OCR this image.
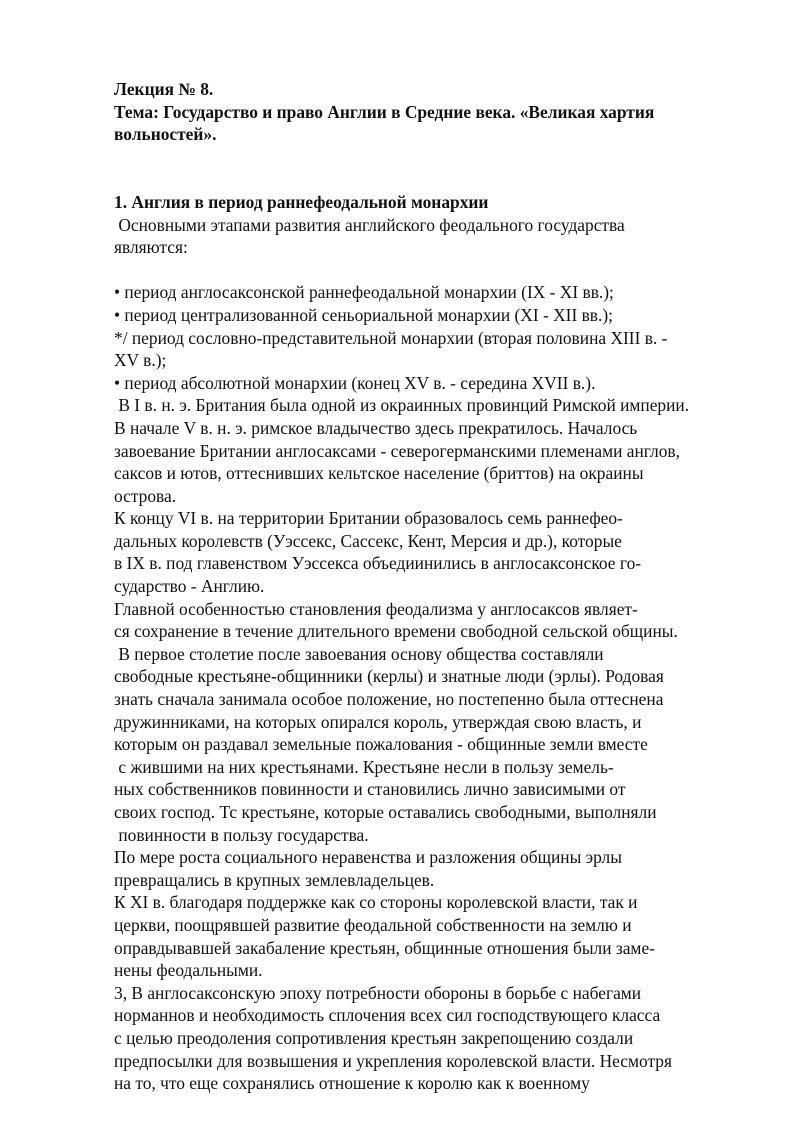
Лекция № 8.
Тема: Государство и право Англии в Средние века. «Великая хартия
вольностей».
1. Англия в период раннефеодальной монархии
Основными этапами развития английского феодального государства
являются:
• период англосаксонской раннефеодальной монархии (IX - XI вв.);
• период централизованной сеньориальной монархии (XI - XII вв.);
*/ период сословно-представительной монархии (вторая половина XIII в. -
XV в.);
• период абсолютной монархии (конец XV в. - середина XVII в.).
В I в. н. э. Британия была одной из окраинных провинций Римской империи.
В начале V в. н. э. римское владычество здесь прекратилось. Началось
завоевание Британии англосаксами - северогерманскими племенами англов,
саксов и ютов, оттеснивших кельтское население (бриттов) на окраины
острова.
К концу VI в. на территории Британии образовалось семь раннефео-
дальных королевств (Уэссекс, Сассекс, Кент, Мерсия и др.), которые
в IX в. под главенством Уэссекса объедиинились в англосаксонское го-
сударство - Англию.
Главной особенностью становления феодализма у англосаксов являет-
ся сохранение в течение длительного времени свободной сельской общины.
В первое столетие после завоевания основу общества составляли
свободные крестьяне-общинники (керлы) и знатные люди (эрлы). Родовая
знать сначала занимала особое положение, но постепенно была оттеснена
дружинниками, на которых опирался король, утверждая свою власть, и
которым он раздавал земельные пожалования - общинные земли вместе
с жившими на них крестьянами. Крестьяне несли в пользу земель-
ных собственников повинности и становились лично зависимыми от
своих господ. Тс крестьяне, которые оставались свободными, выполняли
повинности в пользу государства.
По мере роста социального неравенства и разложения общины эрлы
превращались в крупных землевладельцев.
К XI в. благодаря поддержке как со стороны королевской власти, так и
церкви, поощрявшей развитие феодальной собственности на землю и
оправдывавшей закабаление крестьян, общинные отношения были заме-
нены феодальными.
3, В англосаксонскую эпоху потребности обороны в борьбе с набегами
норманнов и необходимость сплочения всех сил господствующего класса
с целью преодоления сопротивления крестьян закрепощению создали
предпосылки для возвышения и укрепления королевской власти. Несмотря
на то, что еще сохранялись отношение к королю как к военному
